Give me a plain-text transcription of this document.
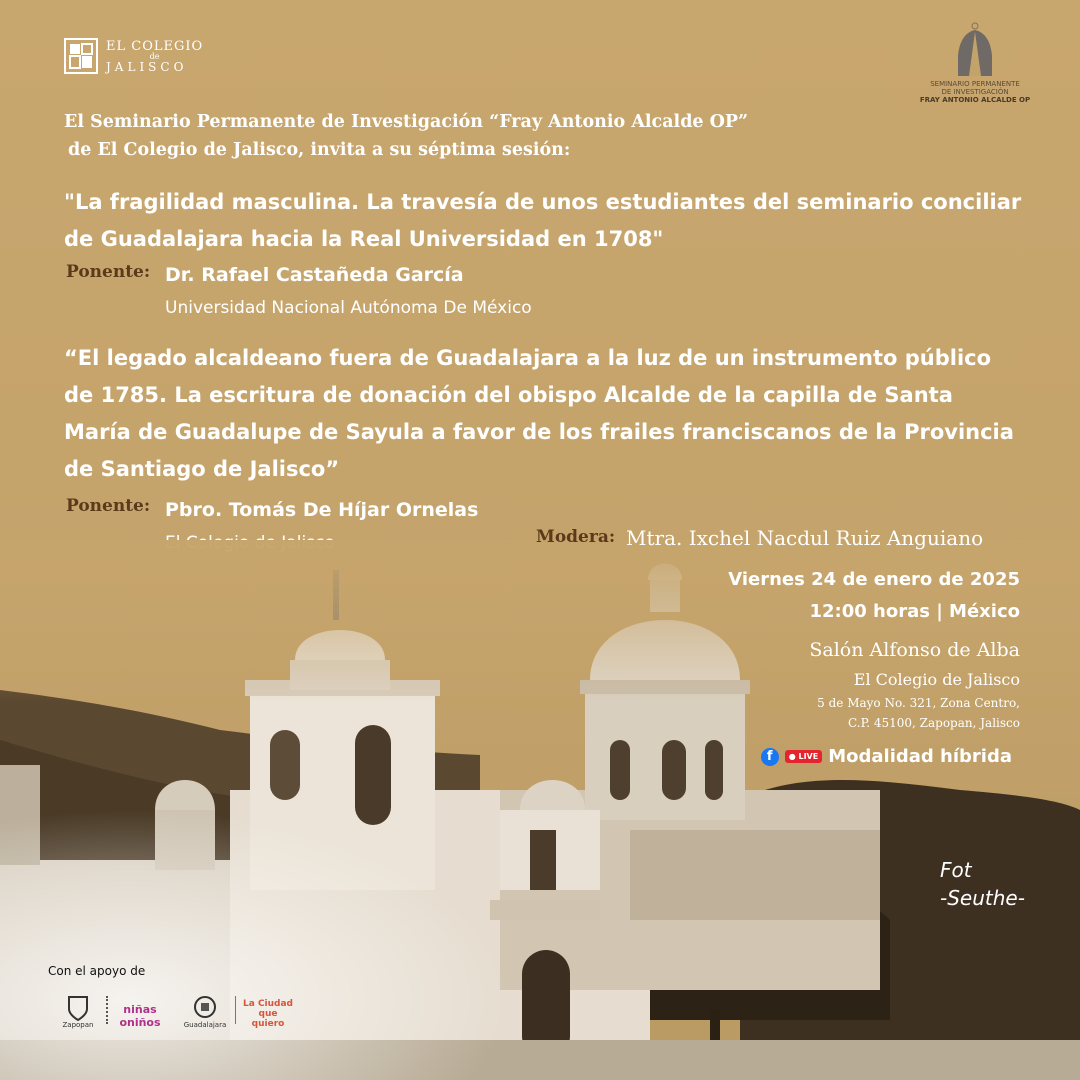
EL COLEGIO
de
JALISCO
SEMINARIO PERMANENTE
DE INVESTIGACIÓN
FRAY ANTONIO ALCALDE OP
El Seminario Permanente de Investigación “Fray Antonio Alcalde OP”
de El Colegio de Jalisco, invita a su séptima sesión:
"La fragilidad masculina. La travesía de unos estudiantes del seminario conciliar de Guadalajara hacia la Real Universidad en 1708"
Ponente: Dr. Rafael Castañeda García
Universidad Nacional Autónoma De México
“El legado alcaldeano fuera de Guadalajara a la luz de un instrumento público de 1785. La escritura de donación del obispo Alcalde de la capilla de Santa María de Guadalupe de Sayula a favor de los frailes franciscanos de la Provincia de Santiago de Jalisco”
Ponente: Pbro. Tomás De Híjar Ornelas
Modera: Mtra. Ixchel Nacdul Ruiz Anguiano
Viernes 24 de enero de 2025
12:00 horas | México
Salón Alfonso de Alba
El Colegio de Jalisco
5 de Mayo No. 321, Zona Centro,
C.P. 45100, Zapopan, Jalisco
f	● LIVE Modalidad híbrida
Fot
-Seuthe-
Con el apoyo de
Zapopan
niñas oniños	Guadalajara
La Ciudad que quiero
